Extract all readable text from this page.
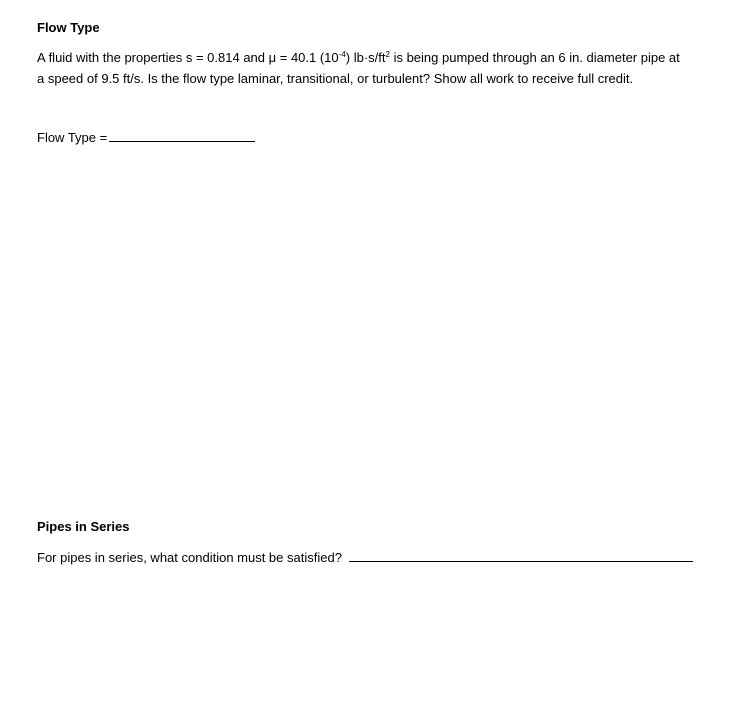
Flow Type

A fluid with the properties s = 0.814 and μ = 40.1 $(10^{-4})$ $lb\cdot s/ft^2$ is being pumped through an 6 in. diameter pipe at
a speed of 9.5 ft/s. Is the flow type laminar, transitional, or turbulent? Show all work to receive full credit.

Flow Type =

Pipes in Series

For pipes in series, what condition must be satisfied?
